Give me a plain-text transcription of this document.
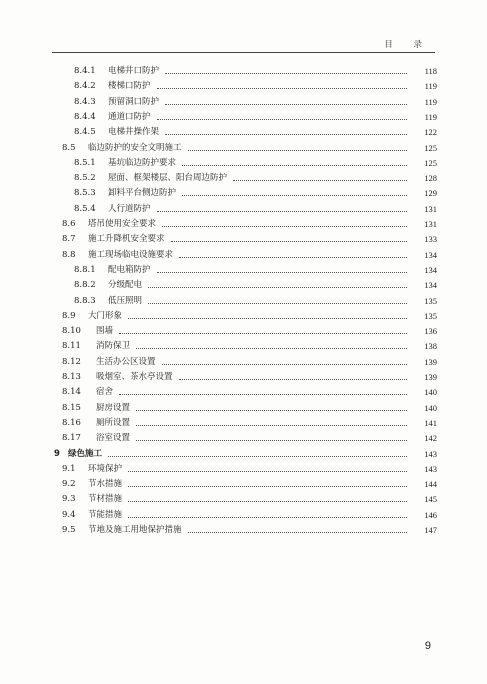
目 录
8.4.1 电梯井口防护	118
8.4.2 楼梯口防护	119
8.4.3 预留洞口防护	119
8.4.4 通道口防护	119
8.4.5 电梯井操作架	122
8.5 临边防护的安全文明施工	125
8.5.1 基坑临边防护要求	125
8.5.2 屋面、框架楼层、阳台周边防护	128
8.5.3 卸料平台侧边防护	129
8.5.4 人行道防护	131
8.6 塔吊使用安全要求	131
8.7 施工升降机安全要求	133
8.8 施工现场临电设施要求	134
8.8.1 配电箱防护	134
8.8.2 分级配电	134
8.8.3 低压照明	135
8.9 大门形象	135
8.10 围墙	136
8.11 消防保卫	138
8.12 生活办公区设置	139
8.13 吸烟室、茶水亭设置	139
8.14 宿舍	140
8.15 厨房设置	140
8.16 厕所设置	141
8.17 浴室设置	142
9 绿色施工	143
9.1 环境保护	143
9.2 节水措施	144
9.3 节材措施	145
9.4 节能措施	146
9.5 节地及施工用地保护措施	147
9
